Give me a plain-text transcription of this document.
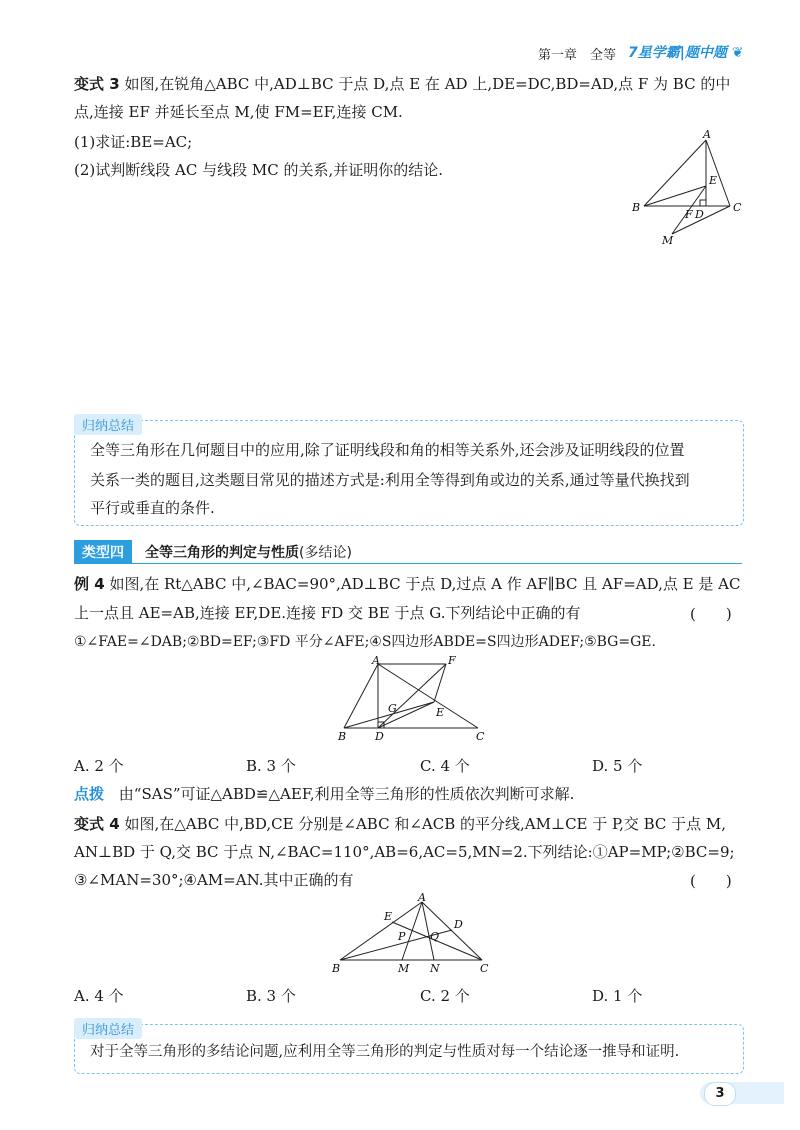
第一章　全等 7星学霸|题中题 ❦
变式 3 如图,在锐角△ABC 中,AD⊥BC 于点 D,点 E 在 AD 上,DE=DC,BD=AD,点 F 为 BC 的中
点,连接 EF 并延长至点 M,使 FM=EF,连接 CM.
(1)求证:BE=AC;
(2)试判断线段 AC 与线段 MC 的关系,并证明你的结论.
A
E
B
F D
C
M
归纳总结
全等三角形在几何题目中的应用,除了证明线段和角的相等关系外,还会涉及证明线段的位置
关系一类的题目,这类题目常见的描述方式是:利用全等得到角或边的关系,通过等量代换找到
平行或垂直的条件.
类型四	全等三角形的判定与性质(多结论)
例 4 如图,在 Rt△ABC 中,∠BAC=90°,AD⊥BC 于点 D,过点 A 作 AF∥BC 且 AF=AD,点 E 是 AC
上一点且 AE=AB,连接 EF,DE.连接 FD 交 BE 于点 G.下列结论中正确的有	(　　)
①∠FAE=∠DAB;②BD=EF;③FD 平分∠AFE;④S四边形ABDE=S四边形ADEF;⑤BG=GE.
A	F
G	E
B	D	C
A. 2 个	B. 3 个	C. 4 个	D. 5 个
点拨 由“SAS”可证△ABD≌△AEF,利用全等三角形的性质依次判断可求解.
变式 4 如图,在△ABC 中,BD,CE 分别是∠ABC 和∠ACB 的平分线,AM⊥CE 于 P,交 BC 于点 M,
AN⊥BD 于 Q,交 BC 于点 N,∠BAC=110°,AB=6,AC=5,MN=2.下列结论:①AP=MP;②BC=9;
③∠MAN=30°;④AM=AN.其中正确的有	(　　)
A
E
D
P Q
B	M N	C
A. 4 个	B. 3 个	C. 2 个	D. 1 个
归纳总结
对于全等三角形的多结论问题,应利用全等三角形的判定与性质对每一个结论逐一推导和证明.
3
